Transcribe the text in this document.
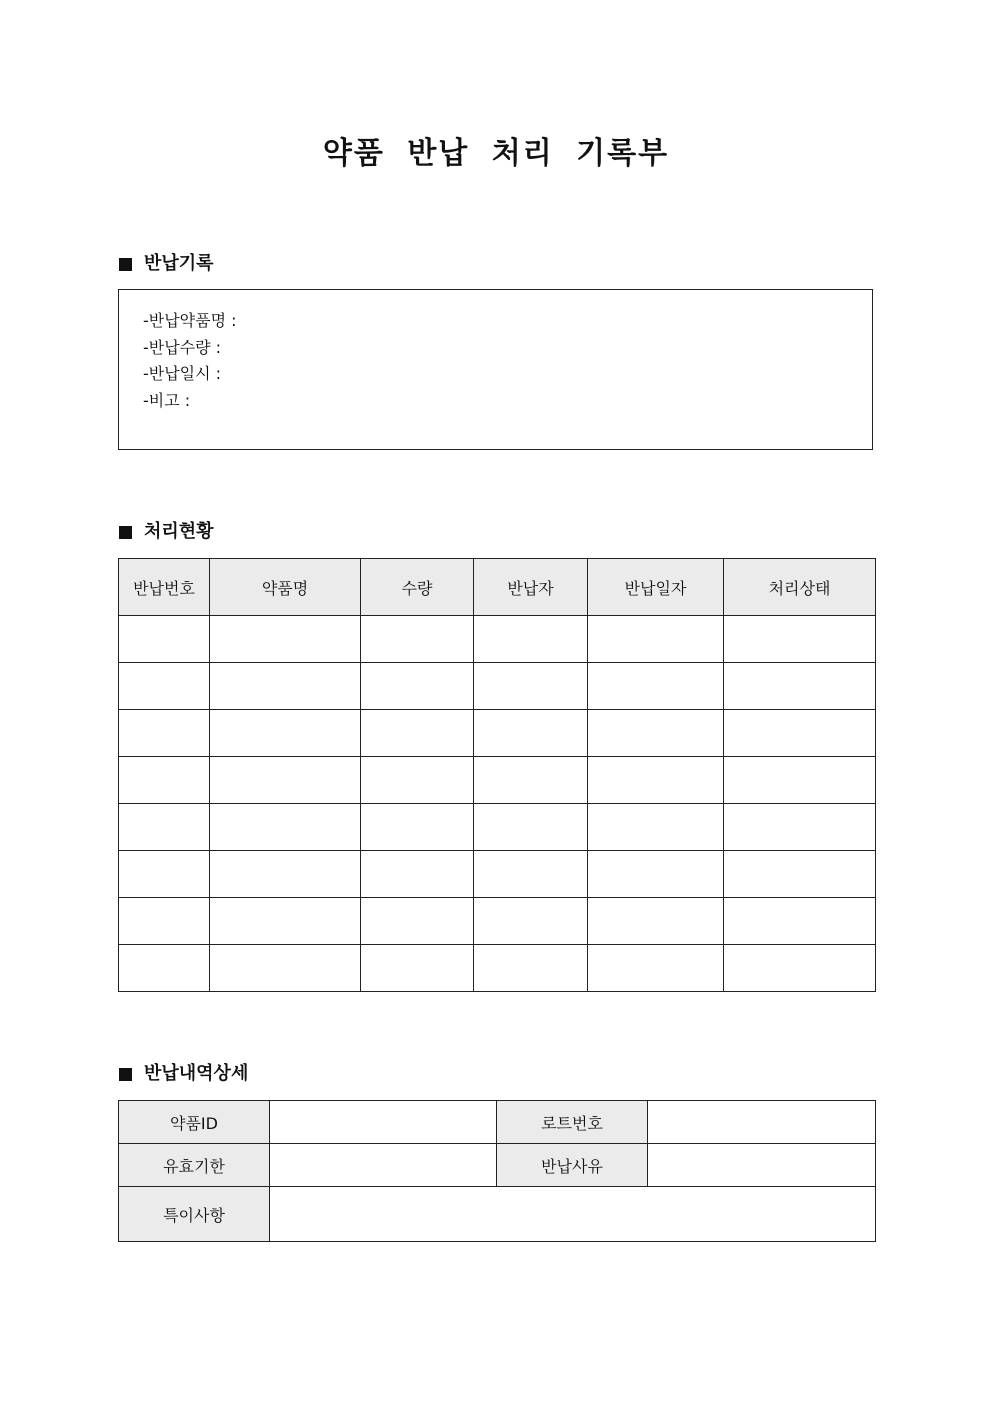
약품 반납 처리 기록부
반납기록
-반납약품명 :
-반납수량 :
-반납일시 :
-비고 :
처리현황
반납번호	약품명	수량	반납자	반납일자	처리상태

반납내역상세
약품ID		로트번호	
유효기한		반납사유	
특이사항			
